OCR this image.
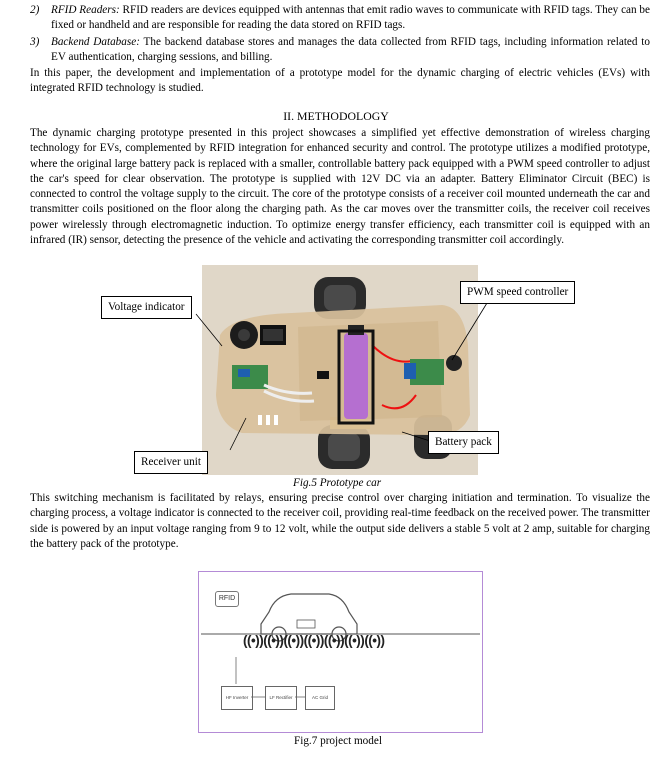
2) RFID Readers: RFID readers are devices equipped with antennas that emit radio waves to communicate with RFID tags. They can be fixed or handheld and are responsible for reading the data stored on RFID tags.
3) Backend Database: The backend database stores and manages the data collected from RFID tags, including information related to EV authentication, charging sessions, and billing.
In this paper, the development and implementation of a prototype model for the dynamic charging of electric vehicles (EVs) with integrated RFID technology is studied.
II. METHODOLOGY
The dynamic charging prototype presented in this project showcases a simplified yet effective demonstration of wireless charging technology for EVs, complemented by RFID integration for enhanced security and control. The prototype utilizes a modified prototype, where the original large battery pack is replaced with a smaller, controllable battery pack equipped with a PWM speed controller to adjust the car's speed for clear observation. The prototype is supplied with 12V DC via an adapter. Battery Eliminator Circuit (BEC) is connected to control the voltage supply to the circuit. The core of the prototype consists of a receiver coil mounted underneath the car and transmitter coils positioned on the floor along the charging path. As the car moves over the transmitter coils, the receiver coil receives power wirelessly through electromagnetic induction. To optimize energy transfer efficiency, each transmitter coil is equipped with an infrared (IR) sensor, detecting the presence of the vehicle and activating the corresponding transmitter coil accordingly.
Voltage indicator
PWM speed controller
Battery pack
Receiver unit
Fig.5 Prototype car
This switching mechanism is facilitated by relays, ensuring precise control over charging initiation and termination. To visualize the charging process, a voltage indicator is connected to the receiver coil, providing real-time feedback on the received power. The transmitter side is powered by an input voltage ranging from 9 to 12 volt, while the output side delivers a stable 5 volt at 2 amp, suitable for charging the battery pack of the prototype.
RFID
((•))((•))((•))((•))((•))((•))((•))
HF Inverter	LF Rectifier	AC Grid
Fig.7 project model
